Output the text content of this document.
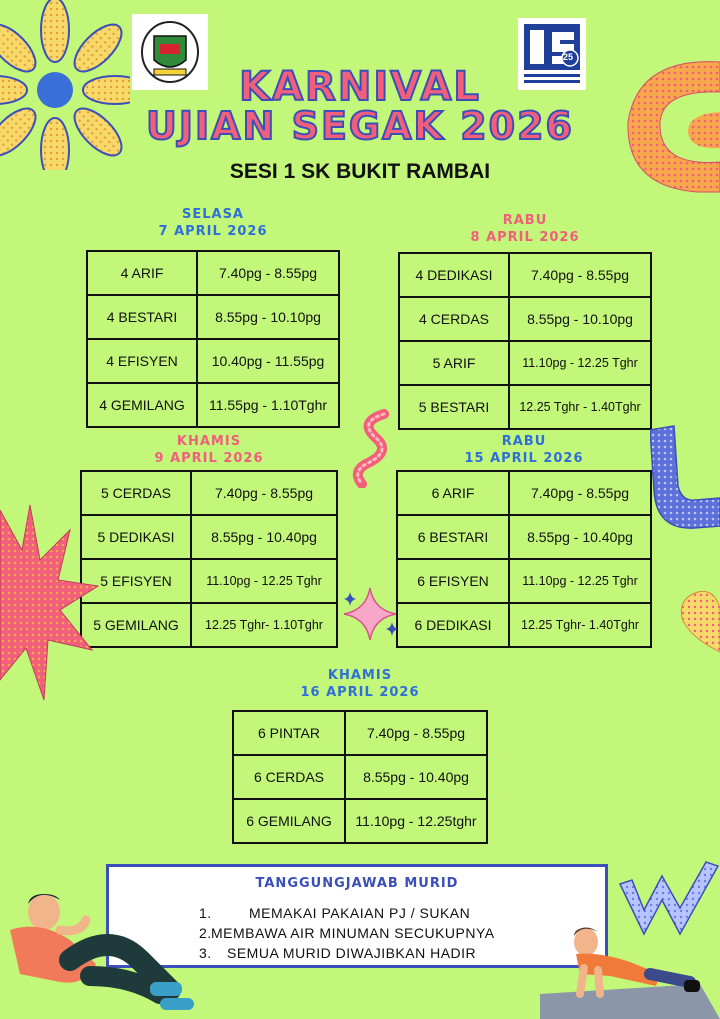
25
KARNIVAL
UJIAN SEGAK 2026
SESI 1 SK BUKIT RAMBAI
SELASA
7 APRIL 2026
4 ARIF	7.40pg - 8.55pg
4 BESTARI	8.55pg - 10.10pg
4 EFISYEN	10.40pg - 11.55pg
4 GEMILANG	11.55pg - 1.10Tghr
RABU
8 APRIL 2026
4 DEDIKASI	7.40pg - 8.55pg
4 CERDAS	8.55pg - 10.10pg
5 ARIF	11.10pg - 12.25 Tghr
5 BESTARI	12.25 Tghr - 1.40Tghr
KHAMIS
9 APRIL 2026
5 CERDAS	7.40pg - 8.55pg
5 DEDIKASI	8.55pg - 10.40pg
5 EFISYEN	11.10pg - 12.25 Tghr
5 GEMILANG	12.25 Tghr- 1.10Tghr
RABU
15 APRIL 2026
6 ARIF	7.40pg - 8.55pg
6 BESTARI	8.55pg - 10.40pg
6 EFISYEN	11.10pg - 12.25 Tghr
6 DEDIKASI	12.25 Tghr- 1.40Tghr
KHAMIS
16 APRIL 2026
6 PINTAR	7.40pg - 8.55pg
6 CERDAS	8.55pg - 10.40pg
6 GEMILANG	11.10pg - 12.25tghr
TANGGUNGJAWAB MURID
1.	MEMAKAI PAKAIAN PJ / SUKAN
2. MEMBAWA AIR MINUMAN SECUKUPNYA
3. SEMUA MURID DIWAJIBKAN HADIR
